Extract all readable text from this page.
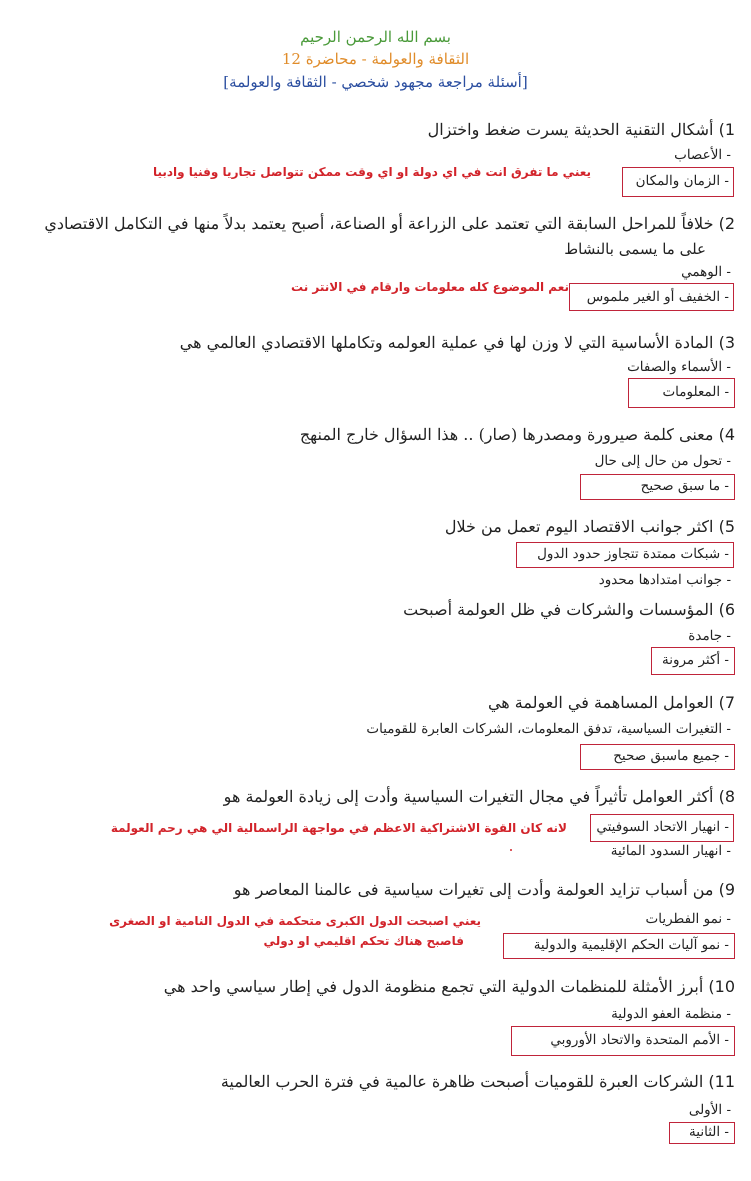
بسم الله الرحمن الرحيم
الثقافة والعولمة - محاضرة 12
[أسئلة مراجعة مجهود شخصي - الثقافة والعولمة]
1) أشكال التقنية الحديثة يسرت ضغط واختزال
- الأعصاب
يعني ما تفرق انت في اي دولة او اي وقت ممكن تتواصل تجاريا وفنيا وادبيا
- الزمان والمكان
2) خلافاً للمراحل السابقة التي تعتمد على الزراعة أو الصناعة، أصبح يعتمد بدلاً منها في التكامل الاقتصادي
على ما يسمى بالنشاط
- الوهمي
نعم الموضوع كله معلومات وارقام في الانتر نت
- الخفيف أو الغير ملموس
3) المادة الأساسية التي لا وزن لها في عملية العولمه وتكاملها الاقتصادي العالمي هي
- الأسماء والصفات
- المعلومات
4) معنى كلمة صيرورة ومصدرها (صار) .. هذا السؤال خارج المنهج
- تحول من حال إلى حال
- ما سبق صحيح
5) اكثر جوانب الاقتصاد اليوم تعمل من خلال
- شبكات ممتدة تتجاوز حدود الدول
- جوانب امتدادها محدود
6) المؤسسات والشركات في ظل العولمة أصبحت
- جامدة
- أكثر مرونة
7) العوامل المساهمة في العولمة هي
- التغيرات السياسية، تدفق المعلومات، الشركات العابرة للقوميات
- جميع ماسبق صحيح
8) أكثر العوامل تأثيراً في مجال التغيرات السياسية وأدت إلى زيادة العولمة هو
لانه كان القوة الاشتراكية الاعظم في مواجهة الراسمالية الي هي رحم العولمة - انهيار الاتحاد السوفيتي
- انهيار السدود المائية
9) من أسباب تزايد العولمة وأدت إلى تغيرات سياسية فى عالمنا المعاصر هو
- نمو الفطريات
يعني اصبحت الدول الكبرى متحكمة في الدول النامية او الصغرى
فاصبح هناك تحكم اقليمي او دولي	- نمو آليات الحكم الإقليمية والدولية
10) أبرز الأمثلة للمنظمات الدولية التي تجمع منظومة الدول في إطار سياسي واحد هي
- منظمة العفو الدولية
- الأمم المتحدة والاتحاد الأوروبي
11) الشركات العبرة للقوميات أصبحت ظاهرة عالمية في فترة الحرب العالمية
- الأولى
- الثانية
